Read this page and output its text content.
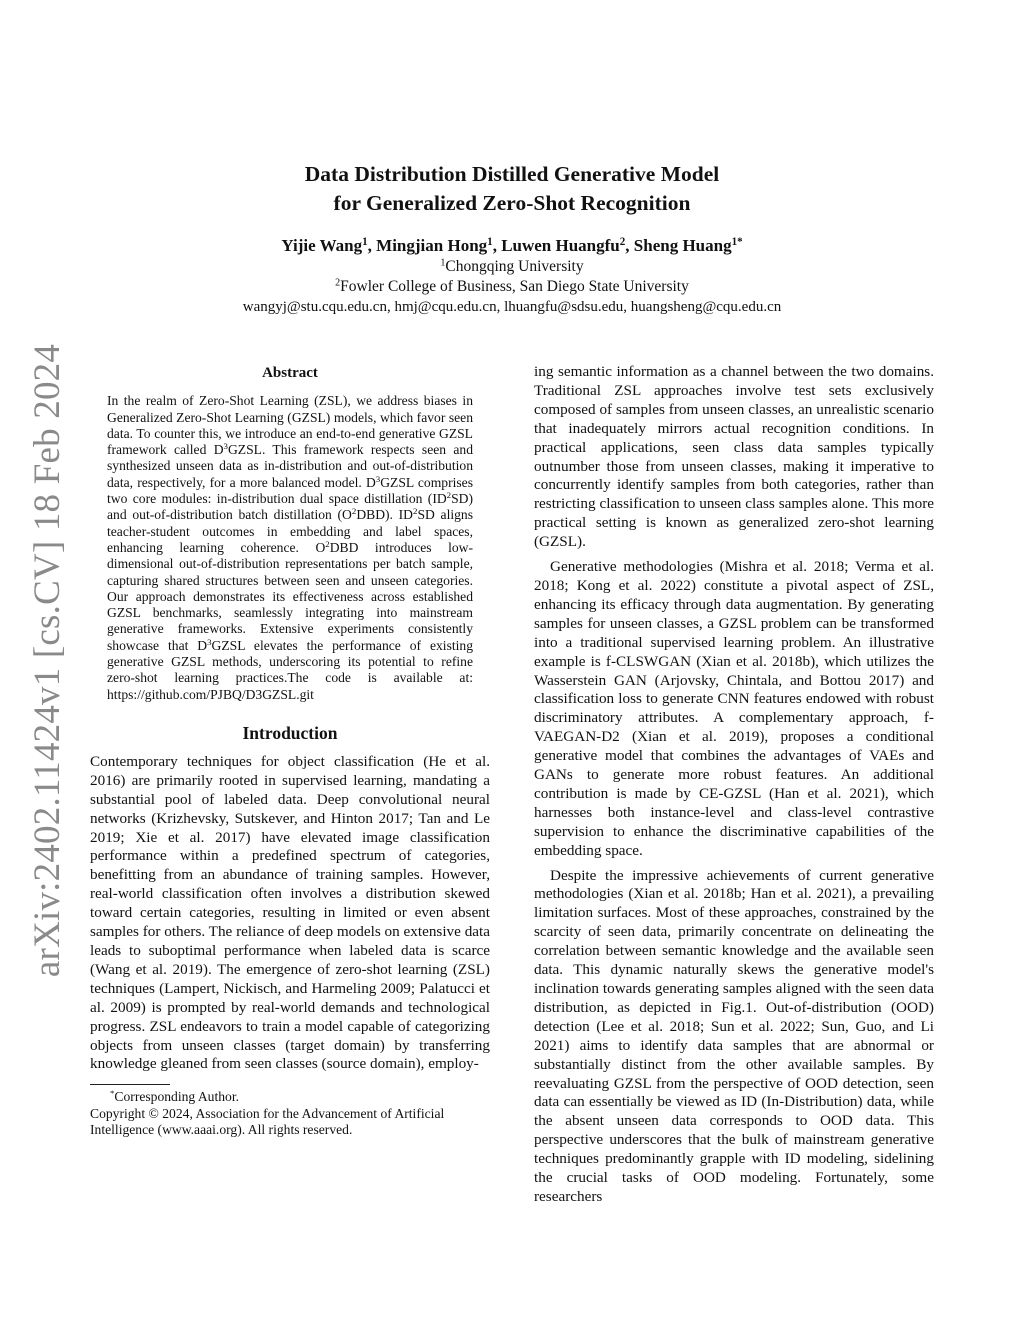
arXiv:2402.11424v1 [cs.CV] 18 Feb 2024
Data Distribution Distilled Generative Model
for Generalized Zero-Shot Recognition
Yijie Wang$^1$, Mingjian Hong$^1$, Luwen Huangfu$^2$, Sheng Huang$^{1*}$
$^1$Chongqing University
$^2$Fowler College of Business, San Diego State University
wangyj@stu.cqu.edu.cn, hmj@cqu.edu.cn, lhuangfu@sdsu.edu, huangsheng@cqu.edu.cn
Abstract

In the realm of Zero-Shot Learning (ZSL), we address biases in Generalized Zero-Shot Learning (GZSL) models, which favor seen data. To counter this, we introduce an end-to-end generative GZSL framework called $D^3GZSL$. This framework respects seen and synthesized unseen data as in-distribution and out-of-distribution data, respectively, for a more balanced model. $D^3GZSL$ comprises two core modules: in-distribution dual space distillation $(ID^2SD)$ and out-of-distribution batch distillation $(O^2DBD)$. $ID^2SD$ aligns teacher-student outcomes in embedding and label spaces, enhancing learning coherence. $O^2DBD$ introduces low-dimensional out-of-distribution representations per batch sample, capturing shared structures between seen and unseen categories. Our approach demonstrates its effectiveness across established GZSL benchmarks, seamlessly integrating into mainstream generative frameworks. Extensive experiments consistently showcase that $D^3GZSL$ elevates the performance of existing generative GZSL methods, underscoring its potential to refine zero-shot learning practices.The code is available at: https://github.com/PJBQ/D3GZSL.git

Introduction

Contemporary techniques for object classification (He et al. 2016) are primarily rooted in supervised learning, mandating a substantial pool of labeled data. Deep convolutional neural networks (Krizhevsky, Sutskever, and Hinton 2017; Tan and Le 2019; Xie et al. 2017) have elevated image classification performance within a predefined spectrum of categories, benefitting from an abundance of training samples. However, real-world classification often involves a distribution skewed toward certain categories, resulting in limited or even absent samples for others. The reliance of deep models on extensive data leads to suboptimal performance when labeled data is scarce (Wang et al. 2019). The emergence of zero-shot learning (ZSL) techniques (Lampert, Nickisch, and Harmeling 2009; Palatucci et al. 2009) is prompted by real-world demands and technological progress. ZSL endeavors to train a model capable of categorizing objects from unseen classes (target domain) by transferring knowledge gleaned from seen classes (source domain), employ-

*Corresponding Author.
Copyright © 2024, Association for the Advancement of Artificial Intelligence (www.aaai.org). All rights reserved.

ing semantic information as a channel between the two domains. Traditional ZSL approaches involve test sets exclusively composed of samples from unseen classes, an unrealistic scenario that inadequately mirrors actual recognition conditions. In practical applications, seen class data samples typically outnumber those from unseen classes, making it imperative to concurrently identify samples from both categories, rather than restricting classification to unseen class samples alone. This more practical setting is known as generalized zero-shot learning (GZSL).

Generative methodologies (Mishra et al. 2018; Verma et al. 2018; Kong et al. 2022) constitute a pivotal aspect of ZSL, enhancing its efficacy through data augmentation. By generating samples for unseen classes, a GZSL problem can be transformed into a traditional supervised learning problem. An illustrative example is f-CLSWGAN (Xian et al. 2018b), which utilizes the Wasserstein GAN (Arjovsky, Chintala, and Bottou 2017) and classification loss to generate CNN features endowed with robust discriminatory attributes. A complementary approach, f-VAEGAN-D2 (Xian et al. 2019), proposes a conditional generative model that combines the advantages of VAEs and GANs to generate more robust features. An additional contribution is made by CE-GZSL (Han et al. 2021), which harnesses both instance-level and class-level contrastive supervision to enhance the discriminative capabilities of the embedding space.

Despite the impressive achievements of current generative methodologies (Xian et al. 2018b; Han et al. 2021), a prevailing limitation surfaces. Most of these approaches, constrained by the scarcity of seen data, primarily concentrate on delineating the correlation between semantic knowledge and the available seen data. This dynamic naturally skews the generative model's inclination towards generating samples aligned with the seen data distribution, as depicted in Fig.1. Out-of-distribution (OOD) detection (Lee et al. 2018; Sun et al. 2022; Sun, Guo, and Li 2021) aims to identify data samples that are abnormal or substantially distinct from the other available samples. By reevaluating GZSL from the perspective of OOD detection, seen data can essentially be viewed as ID (In-Distribution) data, while the absent unseen data corresponds to OOD data. This perspective underscores that the bulk of mainstream generative techniques predominantly grapple with ID modeling, sidelining the crucial tasks of OOD modeling. Fortunately, some researchers
